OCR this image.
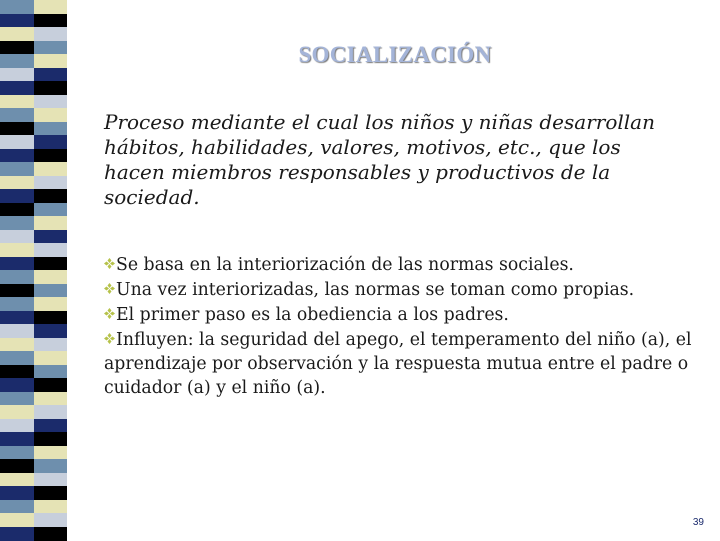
SOCIALIZACIÓN

Proceso mediante el cual los niños y niñas desarrollan hábitos, habilidades, valores, motivos, etc., que los hacen miembros responsables y productivos de la sociedad.

Se basa en la interiorización de las normas sociales.
Una vez interiorizadas, las normas se toman como propias.
El primer paso es la obediencia a los padres.
Influyen: la seguridad del apego, el temperamento del niño (a), el aprendizaje por observación y la respuesta mutua entre el padre o cuidador (a) y el niño (a).
39
